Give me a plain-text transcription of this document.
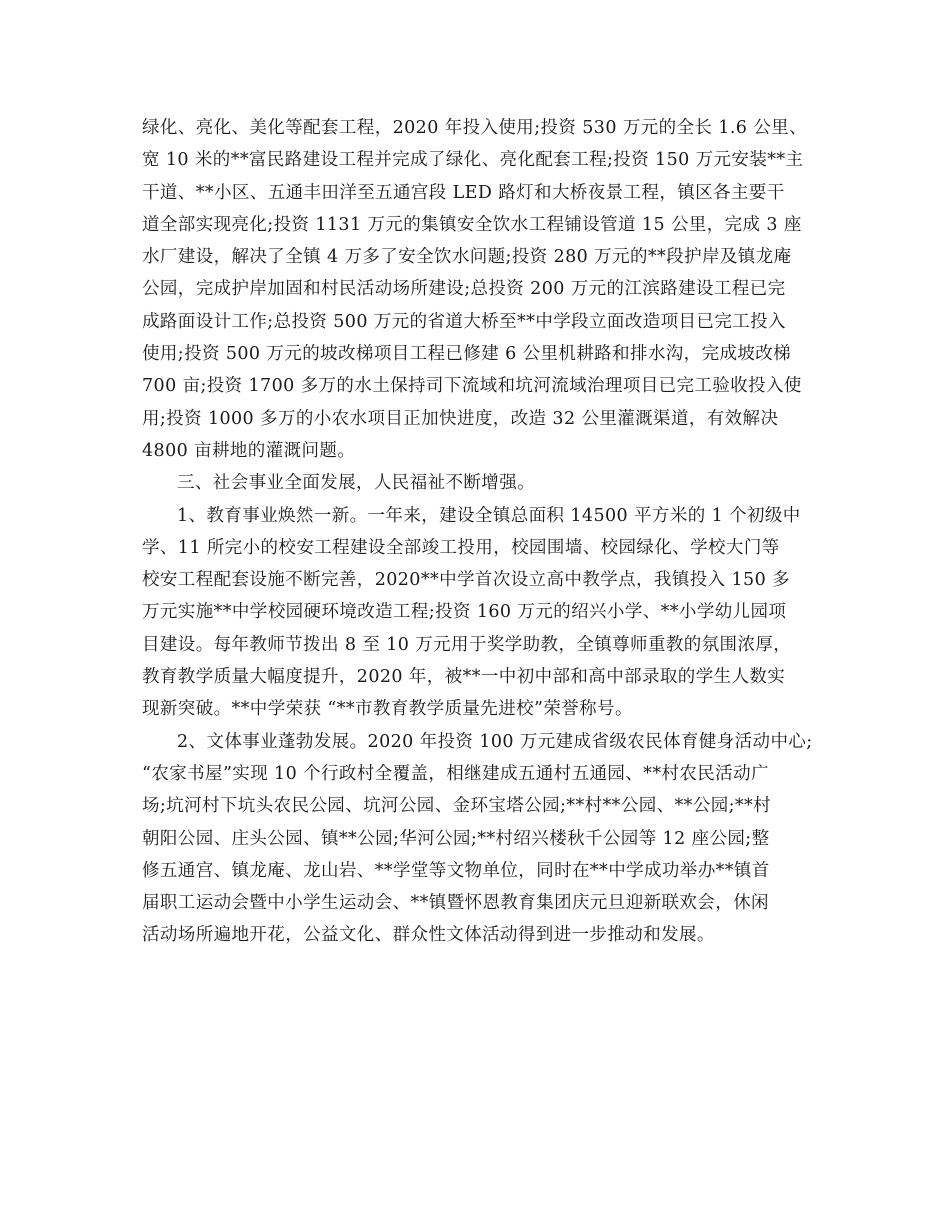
绿化、亮化、美化等配套工程，2020 年投入使用;投资 530 万元的全长 1.6 公里、
宽 10 米的**富民路建设工程并完成了绿化、亮化配套工程;投资 150 万元安装**主
干道、**小区、五通丰田洋至五通宫段 LED 路灯和大桥夜景工程，镇区各主要干
道全部实现亮化;投资 1131 万元的集镇安全饮水工程铺设管道 15 公里，完成 3 座
水厂建设，解决了全镇 4 万多了安全饮水问题;投资 280 万元的**段护岸及镇龙庵
公园，完成护岸加固和村民活动场所建设;总投资 200 万元的江滨路建设工程已完
成路面设计工作;总投资 500 万元的省道大桥至**中学段立面改造项目已完工投入
使用;投资 500 万元的坡改梯项目工程已修建 6 公里机耕路和排水沟，完成坡改梯
700 亩;投资 1700 多万的水土保持司下流域和坑河流域治理项目已完工验收投入使
用;投资 1000 多万的小农水项目正加快进度，改造 32 公里灌溉渠道，有效解决
4800 亩耕地的灌溉问题。
三、社会事业全面发展，人民福祉不断增强。
1、教育事业焕然一新。一年来，建设全镇总面积 14500 平方米的 1 个初级中
学、11 所完小的校安工程建设全部竣工投用，校园围墙、校园绿化、学校大门等
校安工程配套设施不断完善，2020**中学首次设立高中教学点，我镇投入 150 多
万元实施**中学校园硬环境改造工程;投资 160 万元的绍兴小学、**小学幼儿园项
目建设。每年教师节拨出 8 至 10 万元用于奖学助教，全镇尊师重教的氛围浓厚，
教育教学质量大幅度提升，2020 年，被**一中初中部和高中部录取的学生人数实
现新突破。**中学荣获 “**市教育教学质量先进校”荣誉称号。
2、文体事业蓬勃发展。2020 年投资 100 万元建成省级农民体育健身活动中心;
“农家书屋”实现 10 个行政村全覆盖，相继建成五通村五通园、**村农民活动广
场;坑河村下坑头农民公园、坑河公园、金环宝塔公园;**村**公园、**公园;**村
朝阳公园、庄头公园、镇**公园;华河公园;**村绍兴楼秋千公园等 12 座公园;整
修五通宫、镇龙庵、龙山岩、**学堂等文物单位，同时在**中学成功举办**镇首
届职工运动会暨中小学生运动会、**镇暨怀恩教育集团庆元旦迎新联欢会，休闲
活动场所遍地开花，公益文化、群众性文体活动得到进一步推动和发展。
